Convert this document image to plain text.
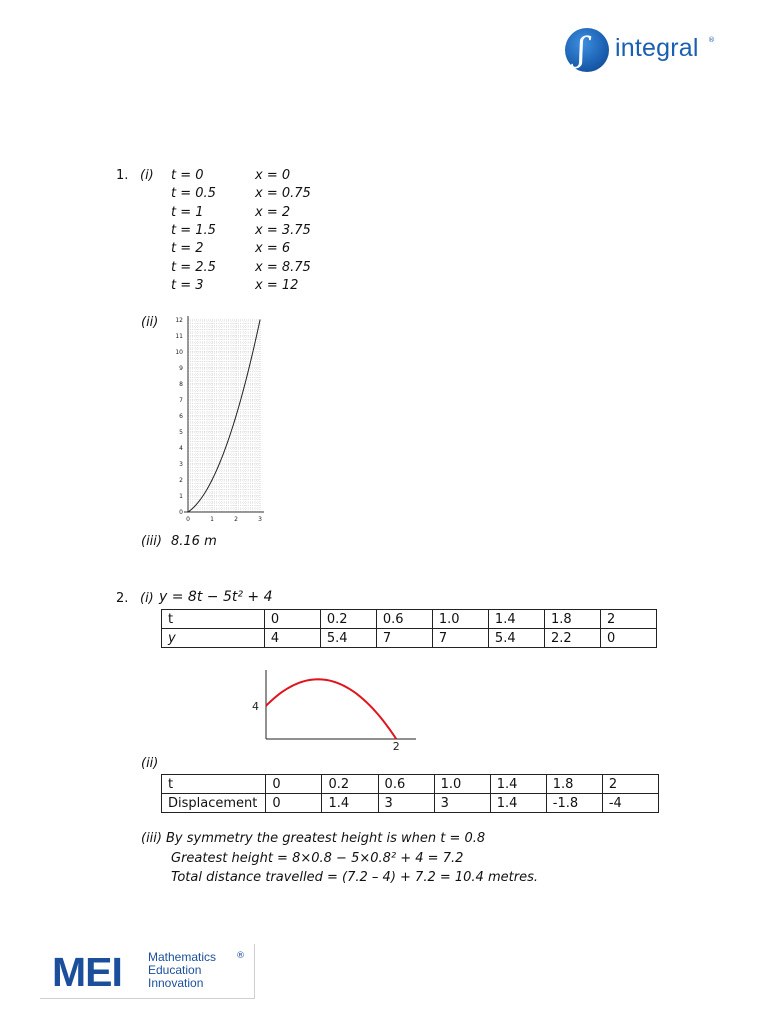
ʃ integral ®
1. (i) t = 0	x = 0
t = 0.5	x = 0.75
t = 1	x = 2
t = 1.5	x = 3.75
t = 2	x = 6
t = 2.5	x = 8.75
t = 3	x = 12
(ii)
0
1
2
3
4
5
6
7
8
9
10
11
12
0	1	2	3
(iii) 8.16 m
2. (i) y = 8t − 5t² + 4
t	0	0.2	0.6	1.0	1.4	1.8	2
y	4	5.4	7	7	5.4	2.2	0
4
2
(ii)
t	0	0.2	0.6	1.0	1.4	1.8	2
Displacement	0	1.4	3	3	1.4	-1.8	-4
(iii) By symmetry the greatest height is when t = 0.8
Greatest height = 8×0.8 − 5×0.8² + 4 = 7.2
Total distance travelled = (7.2 – 4) + 7.2 = 10.4 metres.
MEI Mathematics
Education
Innovation
®
